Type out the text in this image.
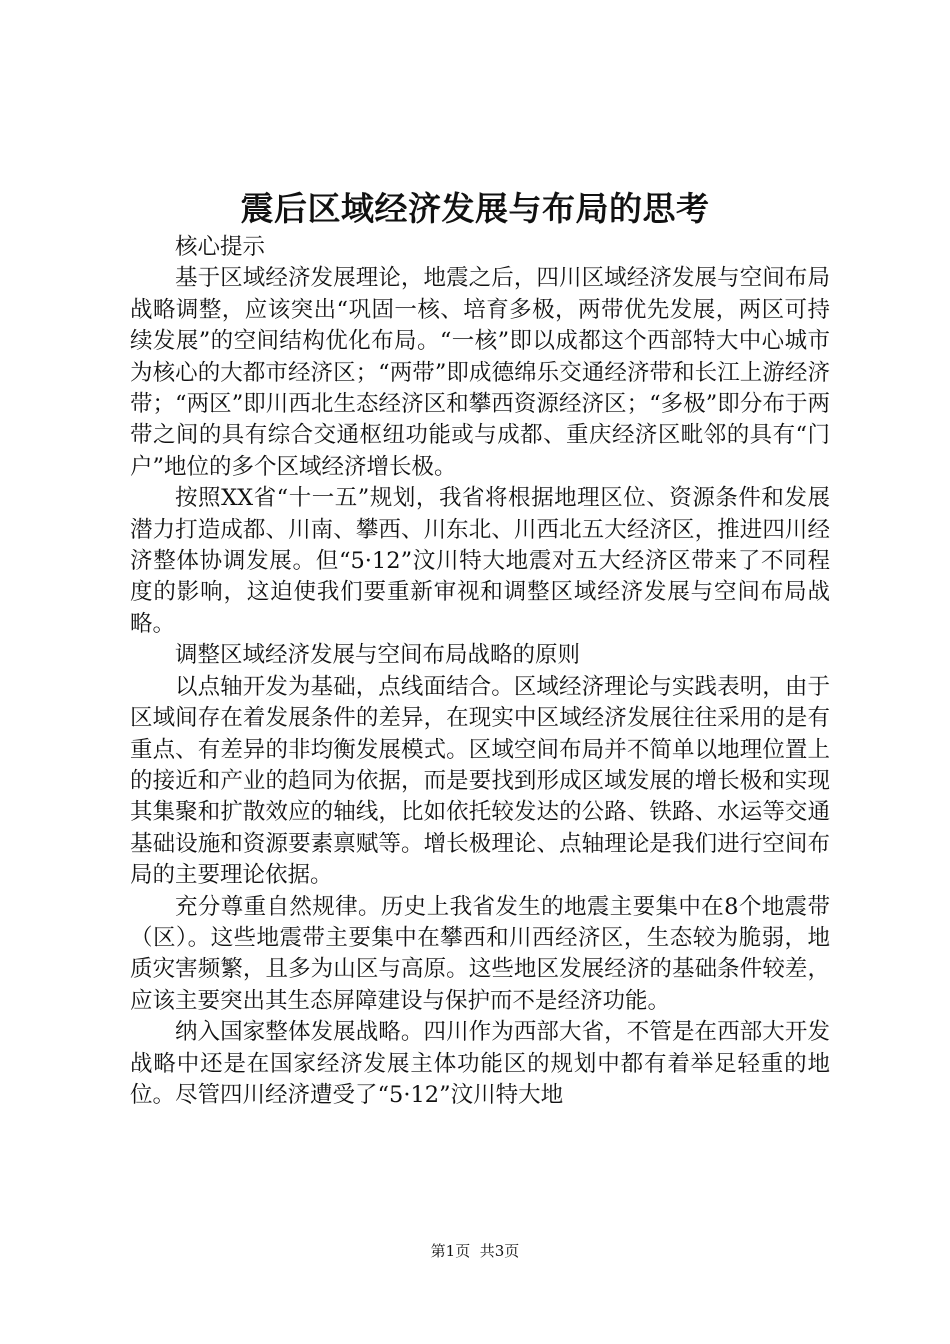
震后区域经济发展与布局的思考

核心提示

基于区域经济发展理论，地震之后，四川区域经济发展与空间布局战略调整，应该突出“巩固一核、培育多极，两带优先发展，两区可持续发展”的空间结构优化布局。“一核”即以成都这个西部特大中心城市为核心的大都市经济区；“两带”即成德绵乐交通经济带和长江上游经济带；“两区”即川西北生态经济区和攀西资源经济区；“多极”即分布于两带之间的具有综合交通枢纽功能或与成都、重庆经济区毗邻的具有“门户”地位的多个区域经济增长极。

按照XX省“十一五”规划，我省将根据地理区位、资源条件和发展潜力打造成都、川南、攀西、川东北、川西北五大经济区，推进四川经济整体协调发展。但“5·12”汶川特大地震对五大经济区带来了不同程度的影响，这迫使我们要重新审视和调整区域经济发展与空间布局战略。

调整区域经济发展与空间布局战略的原则

以点轴开发为基础，点线面结合。区域经济理论与实践表明，由于区域间存在着发展条件的差异，在现实中区域经济发展往往采用的是有重点、有差异的非均衡发展模式。区域空间布局并不简单以地理位置上的接近和产业的趋同为依据，而是要找到形成区域发展的增长极和实现其集聚和扩散效应的轴线，比如依托较发达的公路、铁路、水运等交通基础设施和资源要素禀赋等。增长极理论、点轴理论是我们进行空间布局的主要理论依据。

充分尊重自然规律。历史上我省发生的地震主要集中在8个地震带（区）。这些地震带主要集中在攀西和川西经济区，生态较为脆弱，地质灾害频繁，且多为山区与高原。这些地区发展经济的基础条件较差，应该主要突出其生态屏障建设与保护而不是经济功能。

纳入国家整体发展战略。四川作为西部大省，不管是在西部大开发战略中还是在国家经济发展主体功能区的规划中都有着举足轻重的地位。尽管四川经济遭受了“5·12”汶川特大地

第1页 共3页
